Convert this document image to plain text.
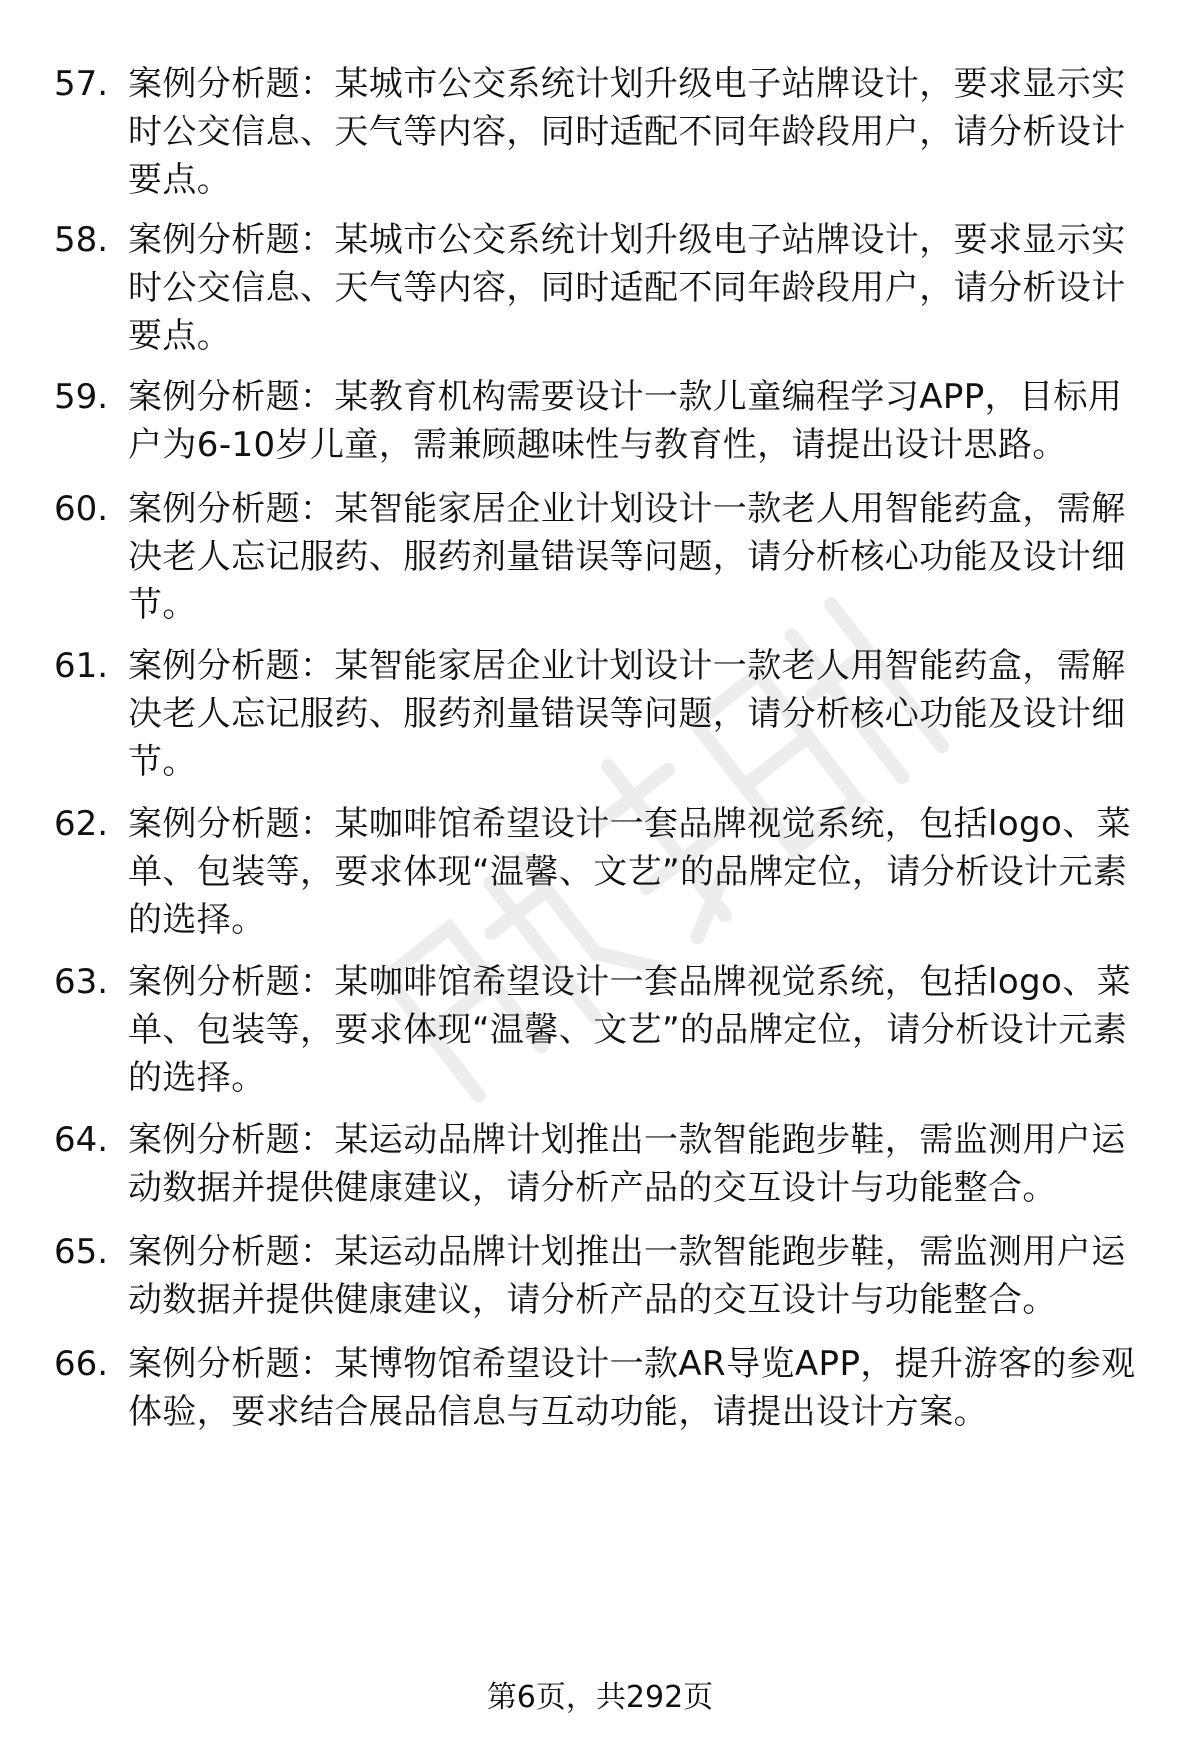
57. 案例分析题：某城市公交系统计划升级电子站牌设计，要求显示实时公交信息、天气等内容，同时适配不同年龄段用户，请分析设计要点。
58. 案例分析题：某城市公交系统计划升级电子站牌设计，要求显示实时公交信息、天气等内容，同时适配不同年龄段用户，请分析设计要点。
59. 案例分析题：某教育机构需要设计一款儿童编程学习APP，目标用户为6-10岁儿童，需兼顾趣味性与教育性，请提出设计思路。
60. 案例分析题：某智能家居企业计划设计一款老人用智能药盒，需解决老人忘记服药、服药剂量错误等问题，请分析核心功能及设计细节。
61. 案例分析题：某智能家居企业计划设计一款老人用智能药盒，需解决老人忘记服药、服药剂量错误等问题，请分析核心功能及设计细节。
62. 案例分析题：某咖啡馆希望设计一套品牌视觉系统，包括logo、菜单、包装等，要求体现“温馨、文艺”的品牌定位，请分析设计元素的选择。
63. 案例分析题：某咖啡馆希望设计一套品牌视觉系统，包括logo、菜单、包装等，要求体现“温馨、文艺”的品牌定位，请分析设计元素的选择。
64. 案例分析题：某运动品牌计划推出一款智能跑步鞋，需监测用户运动数据并提供健康建议，请分析产品的交互设计与功能整合。
65. 案例分析题：某运动品牌计划推出一款智能跑步鞋，需监测用户运动数据并提供健康建议，请分析产品的交互设计与功能整合。
66. 案例分析题：某博物馆希望设计一款AR导览APP，提升游客的参观体验，要求结合展品信息与互动功能，请提出设计方案。
第6页，共292页
